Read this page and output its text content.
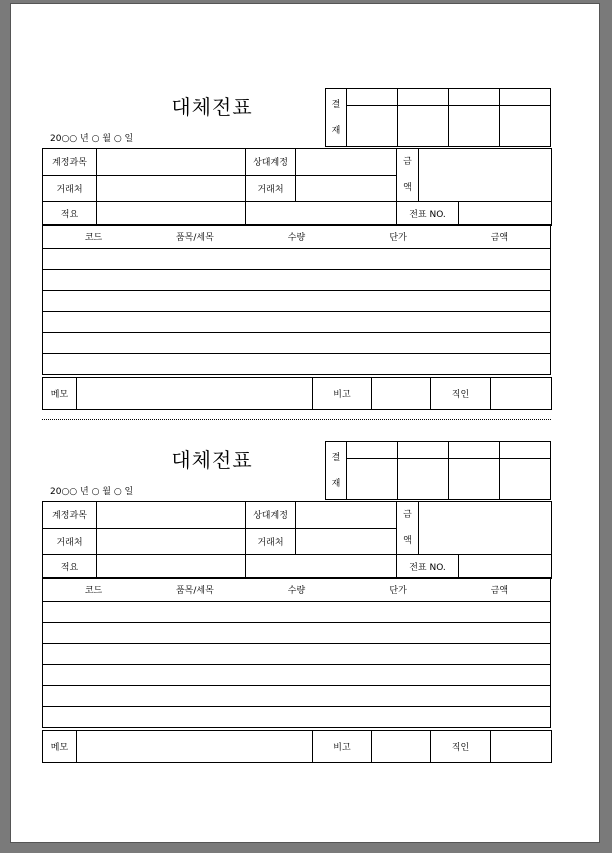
대체전표
20○○ 년 ○ 월 ○ 일
결
재				

계정과목		상대계정		금
액		

거래처		거래처				
적요				전표 NO.		
코드	품목/세목	수량	단가	금액

메모		비고		직인	
대체전표
20○○ 년 ○ 월 ○ 일
결
재				

계정과목		상대계정		금
액		

거래처		거래처				
적요				전표 NO.		
코드	품목/세목	수량	단가	금액

메모		비고		직인	
